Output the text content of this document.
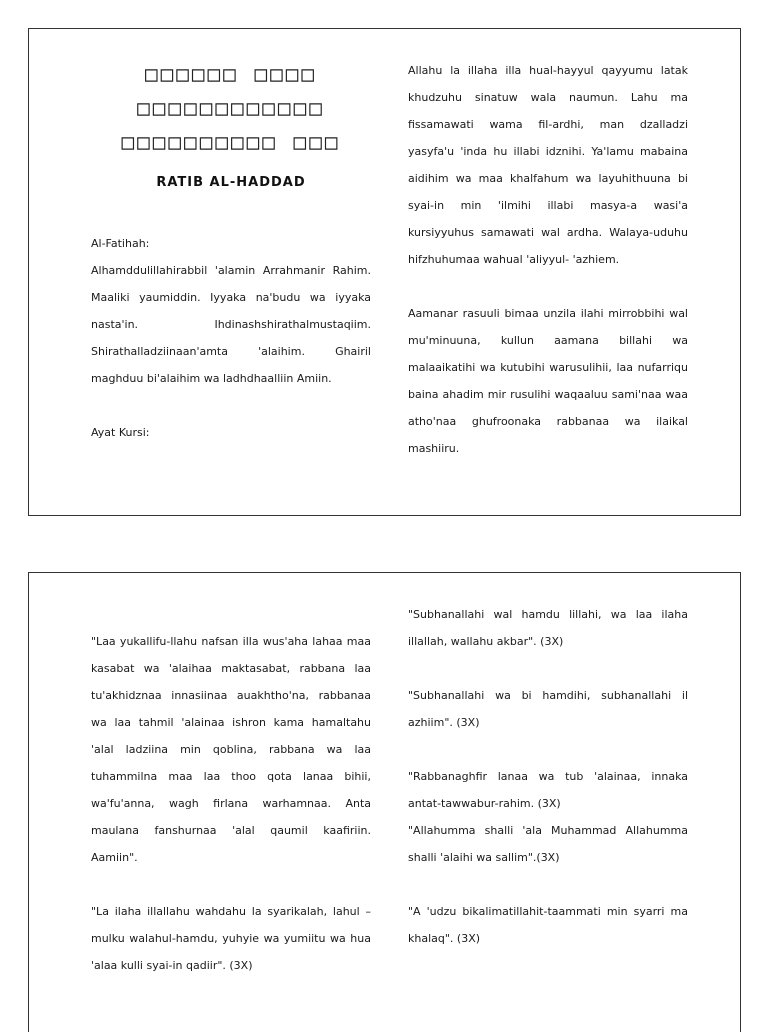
□□□□□□ □□□□
□□□□□□□□□□□□
□□□□□□□□□□ □□□
RATIB AL-HADDAD

Al-Fatihah:

Alhamddulillahirabbil 'alamin Arrahmanir Rahim. Maaliki yaumiddin. Iyyaka na'budu wa iyyaka nasta'in. Ihdinashshirathalmustaqiim. Shirathalladziinaan'amta 'alaihim. Ghairil maghduu bi'alaihim wa ladhdhaalliin Amiin.

Ayat Kursi:

Allahu la illaha illa hual-hayyul qayyumu latak khudzuhu sinatuw wala naumun. Lahu ma fissamawati wama fil-ardhi, man dzalladzi yasyfa'u 'inda hu illabi idznihi. Ya'lamu mabaina aidihim wa maa khalfahum wa layuhithuuna bi syai-in min 'ilmihi illabi masya-a wasi'a kursiyyuhus samawati wal ardha. Walaya-uduhu hifzhuhumaa wahual 'aliyyul- 'azhiem.

Aamanar rasuuli bimaa unzila ilahi mirrobbihi wal mu'minuuna, kullun aamana billahi wa malaaikatihi wa kutubihi warusulihii, laa nufarriqu baina ahadim mir rusulihi waqaaluu sami'naa waa atho'naa ghufroonaka rabbanaa wa ilaikal mashiiru.

"Laa yukallifu-llahu nafsan illa wus'aha lahaa maa kasabat wa 'alaihaa maktasabat, rabbana laa tu'akhidznaa innasiinaa auakhtho'na, rabbanaa wa laa tahmil 'alainaa ishron kama hamaltahu 'alal ladziina min qoblina, rabbana wa laa tuhammilna maa laa thoo qota lanaa bihii, wa'fu'anna, wagh firlana warhamnaa. Anta maulana fanshurnaa 'alal qaumil kaafiriin. Aamiin".

"La ilaha illallahu wahdahu la syarikalah, lahul –mulku walahul-hamdu, yuhyie wa yumiitu wa hua 'alaa kulli syai-in qadiir". (3X)

"Subhanallahi wal hamdu lillahi, wa laa ilaha illallah, wallahu akbar". (3X)

"Subhanallahi wa bi hamdihi, subhanallahi il azhiim". (3X)

"Rabbanaghfir lanaa wa tub 'alainaa, innaka antat-tawwabur-rahim. (3X)

"Allahumma shalli 'ala Muhammad Allahumma shalli 'alaihi wa sallim".(3X)

"A 'udzu bikalimatillahit-taammati min syarri ma khalaq". (3X)
